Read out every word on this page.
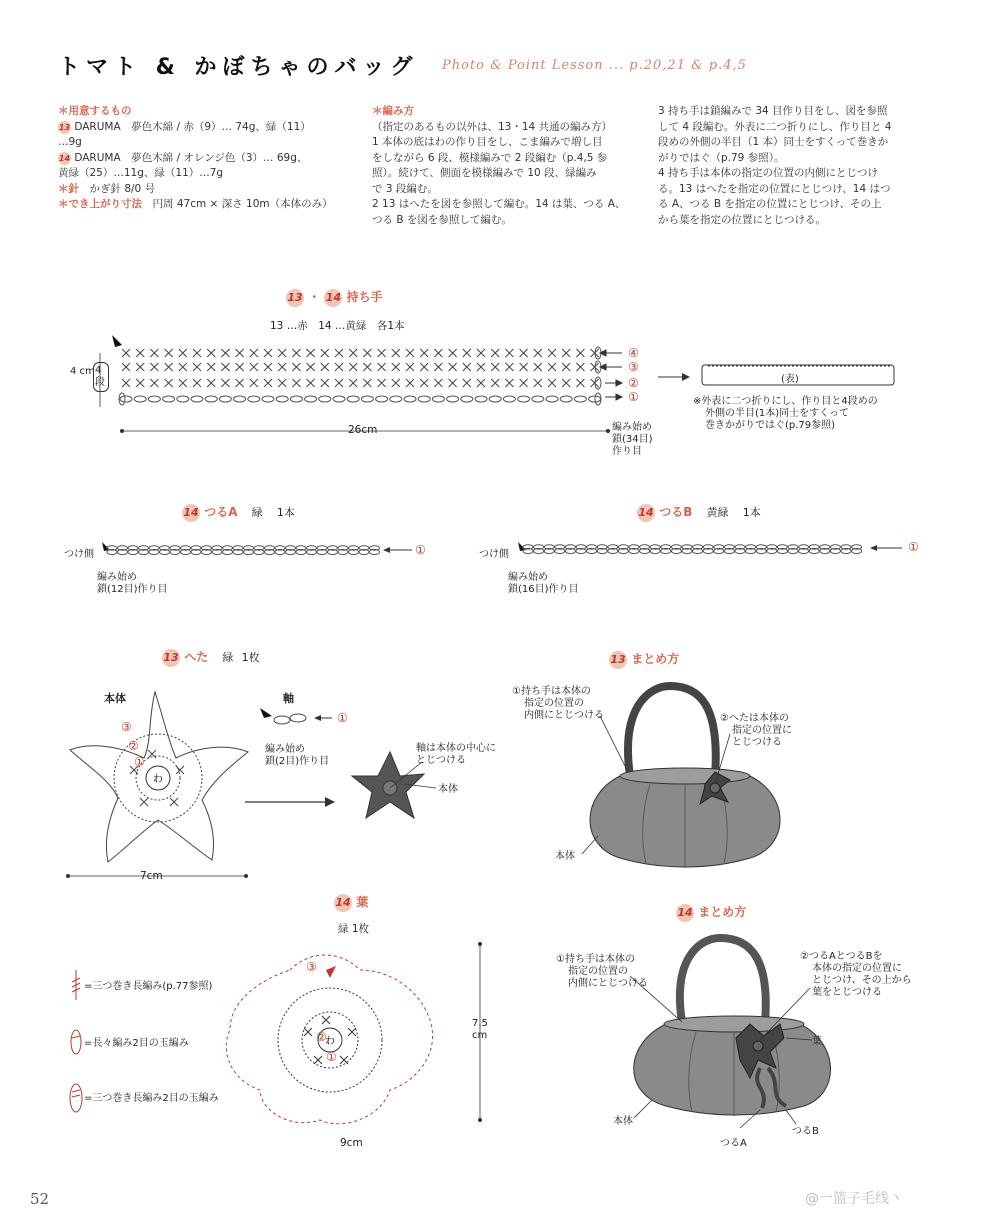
トマト & かぼちゃのバッグ Photo & Point Lesson ... p.20,21 & p.4,5
＊用意するもの
13 DARUMA　夢色木綿 / 赤（9）… 74g、緑（11）
…9g
14 DARUMA　夢色木綿 / オレンジ色（3）… 69g、
黄緑（25）…11g、緑（11）…7g
＊針　 かぎ針 8/0 号
＊でき上がり寸法　 円周 47cm × 深さ 10m（本体のみ）
＊編み方
（指定のあるもの以外は、13・14 共通の編み方）
1 本体の底はわの作り目をし、こま編みで増し目
をしながら 6 段、模様編みで 2 段編む（p.4,5 参
照）。続けて、側面を模様編みで 10 段、緑編み
で 3 段編む。
2 13 はへたを図を参照して編む。14 は葉、つる A、
つる B を図を参照して編む。
3 持ち手は鎖編みで 34 目作り目をし、図を参照
して 4 段編む。外表に二つ折りにし、作り目と 4
段めの外側の半目（1 本）同士をすくって巻きか
がりではぐ（p.79 参照）。
4 持ち手は本体の指定の位置の内側にとじつけ
る。13 はへたを指定の位置にとじつけ、14 はつ
る A、つる B を指定の位置にとじつけ、その上
から葉を指定の位置にとじつける。
13 ・ 14 持ち手
13 …赤　14 …黄緑　各1本
4 cm 4 段
④
③
②
①
26cm	編み始め
鎖(34目)
作り目
(表)
※外表に二つ折りにし、作り目と4段めの
外側の半目(1本)同士をすくって
巻きかがりではぐ(p.79参照)
14 つるA 緑 1本
つけ側	①
編み始め
鎖(12目)作り目
14 つるB 黄緑 1本
つけ側
①
編み始め
鎖(16目)作り目
13 へた 緑 1枚
本体	軸
わ
③
②
①
①
編み始め
鎖(2目)作り目
軸は本体の中心に
とじつける
本体
7cm
13 まとめ方
①持ち手は本体の
指定の位置の
内側にとじつける	②へたは本体の
指定の位置に
とじつける
本体
14 葉
緑 1枚
わ
=三つ巻き長編み(p.77参照)
=長々編み2目の玉編み
=三つ巻き長編み2目の玉編み
③
②
①
7.5 cm
9cm
14 まとめ方
①持ち手は本体の
指定の位置の
内側にとじつける
②つるAとつるBを
本体の指定の位置に
とじつけ、その上から
葉をとじつける
葉
本体
つるA
つるB
52	@一篮子毛线丶
